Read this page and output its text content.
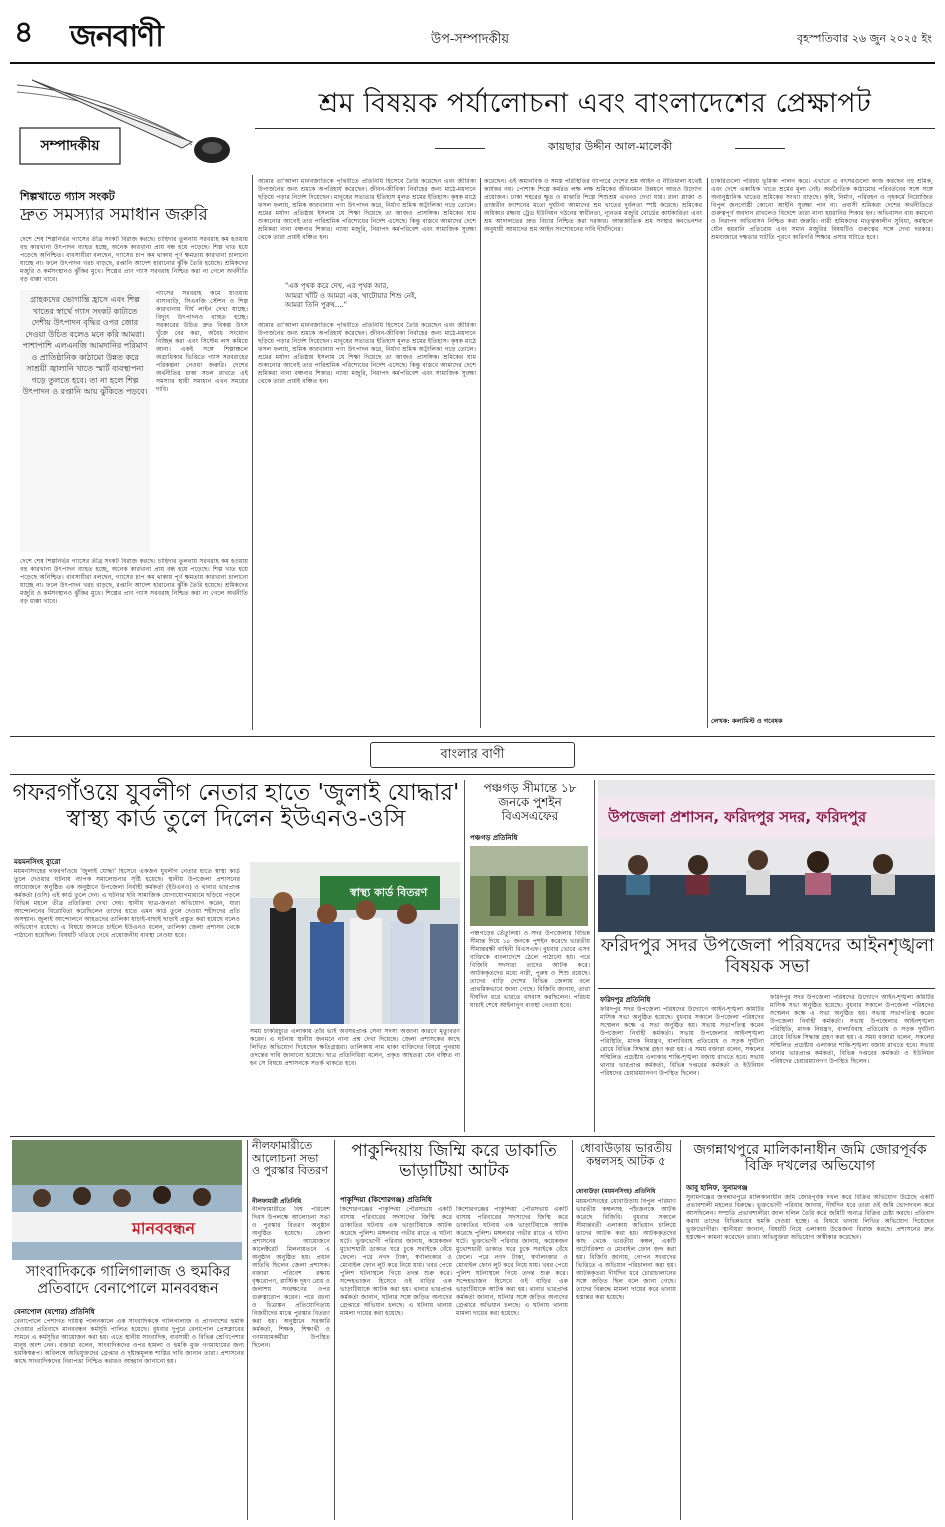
৪	জনবাণী	উপ-সম্পাদকীয়	বৃহস্পতিবার ২৬ জুন ২০২৫ ইং
সম্পাদকীয়
শ্রম বিষয়ক পর্যালোচনা এবং বাংলাদেশের প্রেক্ষাপট
কায়ছার উদ্দীন আল-মালেকী
শিল্পখাতে গ্যাস সংকট
দ্রুত সমস্যার সমাধান জরুরি
দেশে শেষ শিল্পনির্ভর গ্যাসের তীব্র সংকট বিরাজ করছে। চাহিদার তুলনায় সরবরাহ কম হওয়ায় বহু কারখানা উৎপাদন ব্যাহত হচ্ছে, অনেক কারখানা প্রায় বন্ধ হয়ে পড়েছে। শিল্প খাত হয়ে পড়েছে অনিশ্চিত। ব্যবসায়ীরা বলছেন, গ্যাসের চাপ কম থাকায় পূর্ণ ক্ষমতায় কারখানা চালানো যাচ্ছে না। ফলে উৎপাদন খরচ বাড়ছে, রপ্তানি আদেশ হারানোর ঝুঁকি তৈরি হয়েছে। শ্রমিকদের মজুরি ও কর্মসংস্থানও ঝুঁকির মুখে। শিল্পের প্রাণ গ্যাস সরবরাহ নিশ্চিত করা না গেলে অর্থনীতি বড় ধাক্কা খাবে।
গ্রাহকদের ভোগান্তি হ্রাসে এবং শিল্প খাতের স্বার্থে গ্যাস সংকট কাটাতে দেশীয় উৎপাদন বৃদ্ধির ওপর জোর দেওয়া উচিত বলেও মনে করি আমরা। পাশাপাশি এলএনজি আমদানির পরিমাণ ও প্রাতিষ্ঠানিক কাঠামো উন্নত করে সাশ্রয়ী জ্বালানি খাতে স্মার্ট ব্যবস্থাপনা গড়ে তুলতে হবে। তা না হলে শিল্প উৎপাদন ও রপ্তানি আয় ঝুঁকিতে পড়বে।
গ্যাসের সরবরাহ কমে যাওয়ায় বাসাবাড়ি, সিএনজি স্টেশন ও শিল্প কারখানায় দীর্ঘ লাইন দেখা যাচ্ছে। বিদ্যুৎ উৎপাদনও ব্যাহত হচ্ছে। সরকারের উচিত দ্রুত বিকল্প উৎস খুঁজে বের করা, অবৈধ সংযোগ বিচ্ছিন্ন করা এবং সিস্টেম লস কমিয়ে আনা। একই সঙ্গে শিল্পাঞ্চলে অগ্রাধিকার ভিত্তিতে গ্যাস সরবরাহের পরিকল্পনা নেওয়া জরুরি। দেশের অর্থনীতির চাকা সচল রাখতে এই সমস্যার স্থায়ী সমাধান এখন সময়ের দাবি।
দেশে শেষ শিল্পনির্ভর গ্যাসের তীব্র সংকট বিরাজ করছে। চাহিদার তুলনায় সরবরাহ কম হওয়ায় বহু কারখানা উৎপাদন ব্যাহত হচ্ছে, অনেক কারখানা প্রায় বন্ধ হয়ে পড়েছে। শিল্প খাত হয়ে পড়েছে অনিশ্চিত। ব্যবসায়ীরা বলছেন, গ্যাসের চাপ কম থাকায় পূর্ণ ক্ষমতায় কারখানা চালানো যাচ্ছে না। ফলে উৎপাদন খরচ বাড়ছে, রপ্তানি আদেশ হারানোর ঝুঁকি তৈরি হয়েছে। শ্রমিকদের মজুরি ও কর্মসংস্থানও ঝুঁকির মুখে। শিল্পের প্রাণ গ্যাস সরবরাহ নিশ্চিত করা না গেলে অর্থনীতি বড় ধাক্কা খাবে।
আমার তা'আলা মানবজাতিকে পৃথিবীতে প্রতিনিধি হিসেবে তৈরি করেছেন এবং জীবিকা উপার্জনের জন্য শ্রমকে অপরিহার্য করেছেন। জীবন-জীবিকা নির্বাহের জন্য মাঠে-ময়দানে ছড়িয়ে পড়ার নির্দেশ দিয়েছেন। মানুষের সভ্যতার ইতিহাস মূলত শ্রমের ইতিহাস। কৃষক মাঠে ফসল ফলায়, শ্রমিক কারখানায় পণ্য উৎপাদন করে, নির্মাণ শ্রমিক অট্টালিকা গড়ে তোলে। শ্রমের মর্যাদা প্রতিষ্ঠায় ইসলাম যে শিক্ষা দিয়েছে তা আজও প্রাসঙ্গিক। শ্রমিকের ঘাম শুকানোর আগেই তার পারিশ্রমিক পরিশোধের নির্দেশ এসেছে। কিন্তু বাস্তবে আমাদের দেশে শ্রমিকরা নানা বঞ্চনার শিকার। ন্যায্য মজুরি, নিরাপদ কর্মপরিবেশ এবং সামাজিক সুরক্ষা থেকে তারা প্রায়ই বঞ্চিত হন।
"এক পৃথক করে দেখ, এর পৃথক আর,
আমরা খাঁটি ও আমরা এক, খাটোয়ার শিশু নেই,
আমরা তিনি পুরুষ...."
আমার তা'আলা মানবজাতিকে পৃথিবীতে প্রতিনিধি হিসেবে তৈরি করেছেন এবং জীবিকা উপার্জনের জন্য শ্রমকে অপরিহার্য করেছেন। জীবন-জীবিকা নির্বাহের জন্য মাঠে-ময়দানে ছড়িয়ে পড়ার নির্দেশ দিয়েছেন। মানুষের সভ্যতার ইতিহাস মূলত শ্রমের ইতিহাস। কৃষক মাঠে ফসল ফলায়, শ্রমিক কারখানায় পণ্য উৎপাদন করে, নির্মাণ শ্রমিক অট্টালিকা গড়ে তোলে। শ্রমের মর্যাদা প্রতিষ্ঠায় ইসলাম যে শিক্ষা দিয়েছে তা আজও প্রাসঙ্গিক। শ্রমিকের ঘাম শুকানোর আগেই তার পারিশ্রমিক পরিশোধের নির্দেশ এসেছে। কিন্তু বাস্তবে আমাদের দেশে শ্রমিকরা নানা বঞ্চনার শিকার। ন্যায্য মজুরি, নিরাপদ কর্মপরিবেশ এবং সামাজিক সুরক্ষা থেকে তারা প্রায়ই বঞ্চিত হন।
করেছেন। এই অমানবিক ও সমস্ত পরিস্থিতির ব্যাপারে দেশের শ্রম আইন ও নীতিমালা যথেষ্ট কার্যকর নয়। পোশাক শিল্পে কর্মরত লক্ষ লক্ষ শ্রমিকের জীবনমান উন্নয়নে আরও উদ্যোগ প্রয়োজন। ঢাকা শহরের ক্ষুদ্র ও মাঝারি শিল্পে শিশুশ্রম এখনও দেখা যায়। রানা প্লাজা ও তাজরীন ফ্যাশনের মতো দুর্ঘটনা আমাদের শ্রম খাতের দুর্বলতা স্পষ্ট করেছে। শ্রমিকের অধিকার রক্ষায় ট্রেড ইউনিয়ন গঠনের স্বাধীনতা, ন্যূনতম মজুরি বোর্ডের কার্যকারিতা এবং শ্রম আদালতের দ্রুত বিচার নিশ্চিত করা দরকার। আন্তর্জাতিক শ্রম সংস্থার কনভেনশন অনুযায়ী আমাদের শ্রম আইন সংশোধনের দাবি দীর্ঘদিনের।
চাকরিগুলো পরিচয় ভূমিকা পালন করে। এখানে এ বৎসরগুলো কাজ করছেন বহু শ্রমিক, এবং দেশে একাধিক খাতে শ্রমের মূল্য নেই। অর্থনৈতিক কাঠামোর পরিবর্তনের সঙ্গে সঙ্গে অনানুষ্ঠানিক খাতের শ্রমিকের সংখ্যা বাড়ছে। কৃষি, নির্মাণ, পরিবহন ও গৃহকর্মে নিয়োজিত বিপুল জনগোষ্ঠী কোনো আইনি সুরক্ষা পান না। প্রবাসী শ্রমিকরা দেশের অর্থনীতিতে গুরুত্বপূর্ণ অবদান রাখলেও বিদেশে তারা নানা হয়রানির শিকার হন। অভিবাসন ব্যয় কমানো ও নিরাপদ অভিবাসন নিশ্চিত করা জরুরি। নারী শ্রমিকদের মাতৃত্বকালীন সুবিধা, কর্মস্থলে যৌন হয়রানি প্রতিরোধ এবং সমান মজুরির বিষয়টিও গুরুত্বের সঙ্গে দেখা দরকার। শ্রমবাজারে দক্ষতার ঘাটতি পূরণে কারিগরি শিক্ষার প্রসার ঘটাতে হবে।
লেখক: কলামিস্ট ও গবেষক
বাংলার বাণী
গফরগাঁওয়ে যুবলীগ নেতার হাতে 'জুলাই যোদ্ধার' স্বাস্থ্য কার্ড তুলে দিলেন ইউএনও-ওসি
ময়মনসিংহ ব্যুরো
ময়মনসিংহের গফরগাঁওয়ে 'জুলাই যোদ্ধা' হিসেবে একজন যুবলীগ নেতার হাতে স্বাস্থ্য কার্ড তুলে দেওয়ার ঘটনায় ব্যাপক সমালোচনার সৃষ্টি হয়েছে। স্থানীয় উপজেলা প্রশাসনের আয়োজনে অনুষ্ঠিত এক অনুষ্ঠানে উপজেলা নির্বাহী কর্মকর্তা (ইউএনও) ও থানার ভারপ্রাপ্ত কর্মকর্তা (ওসি) এই কার্ড তুলে দেন। এ ঘটনার ছবি সামাজিক যোগাযোগমাধ্যমে ছড়িয়ে পড়লে বিভিন্ন মহলে তীব্র প্রতিক্রিয়া দেখা দেয়। স্থানীয় ছাত্র-জনতা অভিযোগ করেন, যারা আন্দোলনের বিরোধিতা করেছিলেন তাদের হাতে এমন কার্ড তুলে দেওয়া শহীদদের প্রতি অসম্মান। জুলাই আন্দোলনে আহতদের তালিকা যাচাই-বাছাই ছাড়াই প্রস্তুত করা হয়েছে বলেও অভিযোগ রয়েছে। এ বিষয়ে জানতে চাইলে ইউএনও বলেন, তালিকা জেলা প্রশাসন থেকে পাঠানো হয়েছিল। বিষয়টি খতিয়ে দেখে প্রয়োজনীয় ব্যবস্থা নেওয়া হবে।
স্বাস্থ্য কার্ড বিতরণ
সময় চাকরিচ্যুত এলাকায় তাঁর ভাই অবসরপ্রাপ্ত সেনা সদস্য অজানা কারণে মৃত্যুবরণ করেন। এ ঘটনায় স্থানীয় জনমনে নানা প্রশ্ন দেখা দিয়েছে। জেলা প্রশাসকের কাছে লিখিত অভিযোগ দিয়েছেন ক্ষতিগ্রস্তরা। তালিকায় নাম থাকা ব্যক্তিদের বিষয়ে পুনরায় তদন্তের দাবি জানানো হয়েছে। ছাত্র প্রতিনিধিরা বলেন, প্রকৃত আহতরা যেন বঞ্চিত না হন সে বিষয়ে প্রশাসনকে সতর্ক থাকতে হবে।
পঞ্চগড় সীমান্তে ১৮ জনকে পুশইন বিএসএফের
পঞ্চগড় প্রতিনিধি
পঞ্চগড়ের তেঁতুলিয়া ও সদর উপজেলার বিভিন্ন সীমান্ত দিয়ে ১৮ জনকে পুশইন করেছে ভারতীয় সীমান্তরক্ষী বাহিনী বিএসএফ। বুধবার ভোরে এসব ব্যক্তিকে বাংলাদেশে ঠেলে পাঠানো হয়। পরে বিজিবি সদস্যরা তাদের আটক করে। আটককৃতদের মধ্যে নারী, পুরুষ ও শিশু রয়েছে। তাদের বাড়ি দেশের বিভিন্ন জেলায় বলে প্রাথমিকভাবে জানা গেছে। বিজিবি জানায়, তারা দীর্ঘদিন ধরে ভারতে বসবাস করছিলেন। পরিচয় যাচাই শেষে আইনানুগ ব্যবস্থা নেওয়া হবে।
উপজেলা প্রশাসন, ফরিদপুর সদর, ফরিদপুর
ফরিদপুর সদর উপজেলা পরিষদের আইনশৃঙ্খলা বিষয়ক সভা
ফরিদপুর প্রতিনিধি
ফরিদপুর সদর উপজেলা পরিষদের উদ্যোগে আইন-শৃঙ্খলা কমিটির মাসিক সভা অনুষ্ঠিত হয়েছে। বুধবার সকালে উপজেলা পরিষদের সম্মেলন কক্ষে এ সভা অনুষ্ঠিত হয়। সভায় সভাপতিত্ব করেন উপজেলা নির্বাহী কর্মকর্তা। সভায় উপজেলার আইনশৃঙ্খলা পরিস্থিতি, মাদক নিয়ন্ত্রণ, বাল্যবিবাহ প্রতিরোধ ও সড়ক দুর্ঘটনা রোধে বিভিন্ন সিদ্ধান্ত গ্রহণ করা হয়। এ সময় বক্তারা বলেন, সকলের সম্মিলিত প্রচেষ্টায় এলাকার শান্তি-শৃঙ্খলা বজায় রাখতে হবে। সভায় থানার ভারপ্রাপ্ত কর্মকর্তা, বিভিন্ন দপ্তরের কর্মকর্তা ও ইউনিয়ন পরিষদের চেয়ারম্যানগণ উপস্থিত ছিলেন।
ফরিদপুর সদর উপজেলা পরিষদের উদ্যোগে আইন-শৃঙ্খলা কমিটির মাসিক সভা অনুষ্ঠিত হয়েছে। বুধবার সকালে উপজেলা পরিষদের সম্মেলন কক্ষে এ সভা অনুষ্ঠিত হয়। সভায় সভাপতিত্ব করেন উপজেলা নির্বাহী কর্মকর্তা। সভায় উপজেলার আইনশৃঙ্খলা পরিস্থিতি, মাদক নিয়ন্ত্রণ, বাল্যবিবাহ প্রতিরোধ ও সড়ক দুর্ঘটনা রোধে বিভিন্ন সিদ্ধান্ত গ্রহণ করা হয়। এ সময় বক্তারা বলেন, সকলের সম্মিলিত প্রচেষ্টায় এলাকার শান্তি-শৃঙ্খলা বজায় রাখতে হবে। সভায় থানার ভারপ্রাপ্ত কর্মকর্তা, বিভিন্ন দপ্তরের কর্মকর্তা ও ইউনিয়ন পরিষদের চেয়ারম্যানগণ উপস্থিত ছিলেন।
মানববন্ধন
সাংবাদিককে গালিগালাজ ও হুমকির প্রতিবাদে বেনাপোলে মানববন্ধন
বেনাপোল (যশোর) প্রতিনিধি
বেনাপোলে পেশাগত দায়িত্ব পালনকালে এক সাংবাদিককে গালিগালাজ ও প্রাণনাশের হুমকি দেওয়ার প্রতিবাদে মানববন্ধন কর্মসূচি পালিত হয়েছে। বুধবার দুপুরে বেনাপোল প্রেসক্লাবের সামনে এ কর্মসূচির আয়োজন করা হয়। এতে স্থানীয় সাংবাদিক, ব্যবসায়ী ও বিভিন্ন শ্রেণিপেশার মানুষ অংশ নেন। বক্তারা বলেন, সাংবাদিকদের ওপর হামলা ও হুমকি মুক্ত গণমাধ্যমের জন্য হুমকিস্বরূপ। অবিলম্বে অভিযুক্তদের গ্রেপ্তার ও দৃষ্টান্তমূলক শাস্তির দাবি জানান তারা। প্রশাসনের কাছে সাংবাদিকদের নিরাপত্তা নিশ্চিত করারও আহ্বান জানানো হয়।
নীলফামারীতে আলোচনা সভা ও পুরস্কার বিতরণ
নীলফামারী প্রতিনিধি
নীলফামারীতে বিশ্ব পরিবেশ দিবস উপলক্ষে আলোচনা সভা ও পুরস্কার বিতরণ অনুষ্ঠান অনুষ্ঠিত হয়েছে। জেলা প্রশাসনের আয়োজনে কালেক্টরেট মিলনায়তনে এ অনুষ্ঠান অনুষ্ঠিত হয়। প্রধান অতিথি ছিলেন জেলা প্রশাসক। বক্তারা পরিবেশ রক্ষায় বৃক্ষরোপণ, প্লাস্টিক দূষণ রোধ ও জলাশয় সংরক্ষণের ওপর গুরুত্বারোপ করেন। পরে রচনা ও চিত্রাঙ্কন প্রতিযোগিতায় বিজয়ীদের মাঝে পুরস্কার বিতরণ করা হয়। অনুষ্ঠানে সরকারি কর্মকর্তা, শিক্ষক, শিক্ষার্থী ও গণমাধ্যমকর্মীরা উপস্থিত ছিলেন।
পাকুন্দিয়ায় জিম্মি করে ডাকাতি ভাড়াটিয়া আটক
পাকুন্দিয়া (কিশোরগঞ্জ) প্রতিনিধি
কিশোরগঞ্জের পাকুন্দিয়া পৌরসভায় একটি বাসায় পরিবারের সদস্যদের জিম্মি করে ডাকাতির ঘটনায় এক ভাড়াটিয়াকে আটক করেছে পুলিশ। মঙ্গলবার গভীর রাতে এ ঘটনা ঘটে। ভুক্তভোগী পরিবার জানায়, কয়েকজন মুখোশধারী ডাকাত ঘরে ঢুকে সবাইকে বেঁধে ফেলে। পরে নগদ টাকা, স্বর্ণালংকার ও মোবাইল ফোন লুট করে নিয়ে যায়। খবর পেয়ে পুলিশ ঘটনাস্থলে গিয়ে তদন্ত শুরু করে। সন্দেহভাজন হিসেবে ওই বাড়ির এক ভাড়াটিয়াকে আটক করা হয়। থানার ভারপ্রাপ্ত কর্মকর্তা জানান, ঘটনার সঙ্গে জড়িত অন্যদের গ্রেপ্তারে অভিযান চলছে। এ ঘটনায় থানায় মামলা দায়ের করা হয়েছে।
কিশোরগঞ্জের পাকুন্দিয়া পৌরসভায় একটি বাসায় পরিবারের সদস্যদের জিম্মি করে ডাকাতির ঘটনায় এক ভাড়াটিয়াকে আটক করেছে পুলিশ। মঙ্গলবার গভীর রাতে এ ঘটনা ঘটে। ভুক্তভোগী পরিবার জানায়, কয়েকজন মুখোশধারী ডাকাত ঘরে ঢুকে সবাইকে বেঁধে ফেলে। পরে নগদ টাকা, স্বর্ণালংকার ও মোবাইল ফোন লুট করে নিয়ে যায়। খবর পেয়ে পুলিশ ঘটনাস্থলে গিয়ে তদন্ত শুরু করে। সন্দেহভাজন হিসেবে ওই বাড়ির এক ভাড়াটিয়াকে আটক করা হয়। থানার ভারপ্রাপ্ত কর্মকর্তা জানান, ঘটনার সঙ্গে জড়িত অন্যদের গ্রেপ্তারে অভিযান চলছে। এ ঘটনায় থানায় মামলা দায়ের করা হয়েছে।
ধোবাউড়ায় ভারতীয় কম্বলসহ আটক ৫
ধোবাউড়া (ময়মনসিংহ) প্রতিনিধি
ময়মনসিংহের ধোবাউড়ায় বিপুল পরিমাণ ভারতীয় কম্বলসহ পাঁচজনকে আটক করেছে বিজিবি। বুধবার সকালে সীমান্তবর্তী এলাকায় অভিযান চালিয়ে তাদের আটক করা হয়। আটককৃতদের কাছ থেকে ভারতীয় কম্বল, একটি অটোরিকশা ও মোবাইল ফোন জব্দ করা হয়। বিজিবি জানায়, গোপন সংবাদের ভিত্তিতে এ অভিযান পরিচালনা করা হয়। আটককৃতরা দীর্ঘদিন ধরে চোরাচালানের সঙ্গে জড়িত ছিল বলে জানা গেছে। তাদের বিরুদ্ধে মামলা দায়ের করে থানায় হস্তান্তর করা হয়েছে।
জগন্নাথপুরে মালিকানাধীন জমি জোরপূর্বক বিক্রি দখলের অভিযোগ
আবু হানিফ, সুনামগঞ্জ
সুনামগঞ্জের জগন্নাথপুরে মালিকানাধীন জমি জোরপূর্বক দখল করে বিক্রির অভিযোগ উঠেছে একটি প্রভাবশালী মহলের বিরুদ্ধে। ভুক্তভোগী পরিবার জানায়, দীর্ঘদিন ধরে তারা ওই জমি ভোগদখল করে আসছিলেন। সম্প্রতি প্রভাবশালীরা জাল দলিল তৈরি করে জমিটি অন্যত্র বিক্রির চেষ্টা করছে। প্রতিবাদ করায় তাদের বিভিন্নভাবে হুমকি দেওয়া হচ্ছে। এ বিষয়ে থানায় লিখিত অভিযোগ দিয়েছেন ভুক্তভোগীরা। স্থানীয়রা জানান, বিষয়টি নিয়ে এলাকায় উত্তেজনা বিরাজ করছে। প্রশাসনের দ্রুত হস্তক্ষেপ কামনা করেছেন তারা। অভিযুক্তরা অভিযোগ অস্বীকার করেছেন।
